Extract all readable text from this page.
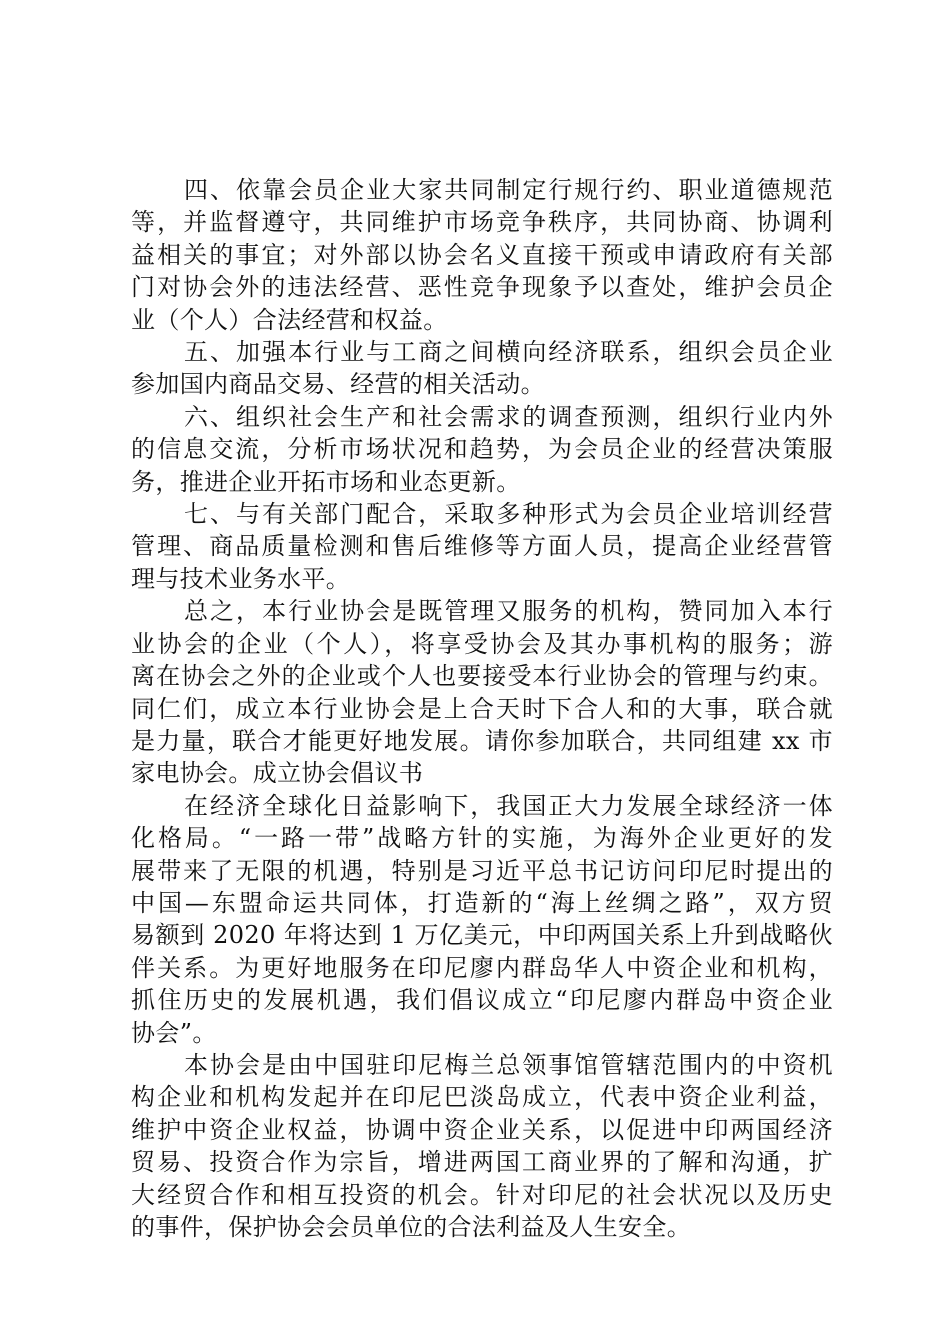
四、依靠会员企业大家共同制定行规行约、职业道德规范
等，并监督遵守，共同维护市场竞争秩序，共同协商、协调利
益相关的事宜；对外部以协会名义直接干预或申请政府有关部
门对协会外的违法经营、恶性竞争现象予以查处，维护会员企
业（个人）合法经营和权益。
五、加强本行业与工商之间横向经济联系，组织会员企业
参加国内商品交易、经营的相关活动。
六、组织社会生产和社会需求的调查预测，组织行业内外
的信息交流，分析市场状况和趋势，为会员企业的经营决策服
务，推进企业开拓市场和业态更新。
七、与有关部门配合，采取多种形式为会员企业培训经营
管理、商品质量检测和售后维修等方面人员，提高企业经营管
理与技术业务水平。
总之，本行业协会是既管理又服务的机构，赞同加入本行
业协会的企业（个人），将享受协会及其办事机构的服务；游
离在协会之外的企业或个人也要接受本行业协会的管理与约束。
同仁们，成立本行业协会是上合天时下合人和的大事，联合就
是力量，联合才能更好地发展。请你参加联合，共同组建 xx 市
家电协会。成立协会倡议书
在经济全球化日益影响下，我国正大力发展全球经济一体
化格局。“一路一带”战略方针的实施，为海外企业更好的发
展带来了无限的机遇，特别是习近平总书记访问印尼时提出的
中国—东盟命运共同体，打造新的“海上丝绸之路”，双方贸
易额到 2020 年将达到 1 万亿美元，中印两国关系上升到战略伙
伴关系。为更好地服务在印尼廖内群岛华人中资企业和机构，
抓住历史的发展机遇，我们倡议成立“印尼廖内群岛中资企业
协会”。
本协会是由中国驻印尼梅兰总领事馆管辖范围内的中资机
构企业和机构发起并在印尼巴淡岛成立，代表中资企业利益，
维护中资企业权益，协调中资企业关系，以促进中印两国经济
贸易、投资合作为宗旨，增进两国工商业界的了解和沟通，扩
大经贸合作和相互投资的机会。针对印尼的社会状况以及历史
的事件，保护协会会员单位的合法利益及人生安全。
